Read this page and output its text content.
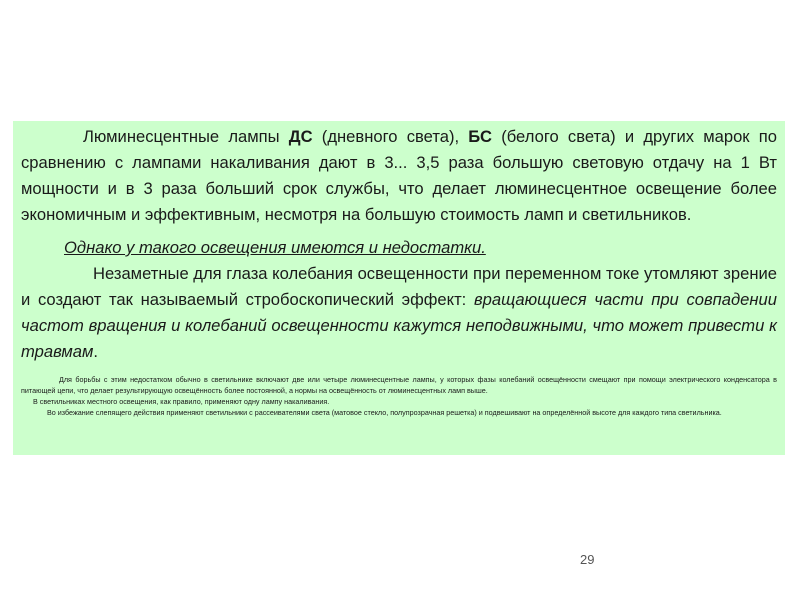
Люминесцентные лампы ДС (дневного света), БС (белого света) и других марок по сравнению с лампами накаливания дают в 3... 3,5 раза большую световую отдачу на 1 Вт мощности и в 3 раза больший срок службы, что делает люминесцентное освещение более экономичным и эффективным, несмотря на большую стоимость ламп и светильников.

Однако у такого освещения имеются и недостатки.

Незаметные для глаза колебания освещенности при переменном токе утомляют зрение и создают так называемый стробоскопический эффект: вращающиеся части при совпадении частот вращения и колебаний освещенности кажутся неподвижными, что может привести к травмам.

Для борьбы с этим недостатком обычно в светильнике включают две или четыре люминесцентные лампы, у которых фазы колебаний освещённости смещают при помощи электрического конденсатора в питающей цепи, что делает результирующую освещённость более постоянной, а нормы на освещённость от люминесцентных ламп выше.

В светильниках местного освещения, как правило, применяют одну лампу накаливания.

Во избежание слепящего действия применяют светильники с рассеивателями света (матовое стекло, полупрозрачная решетка) и подвешивают на определённой высоте для каждого типа светильника.

29
